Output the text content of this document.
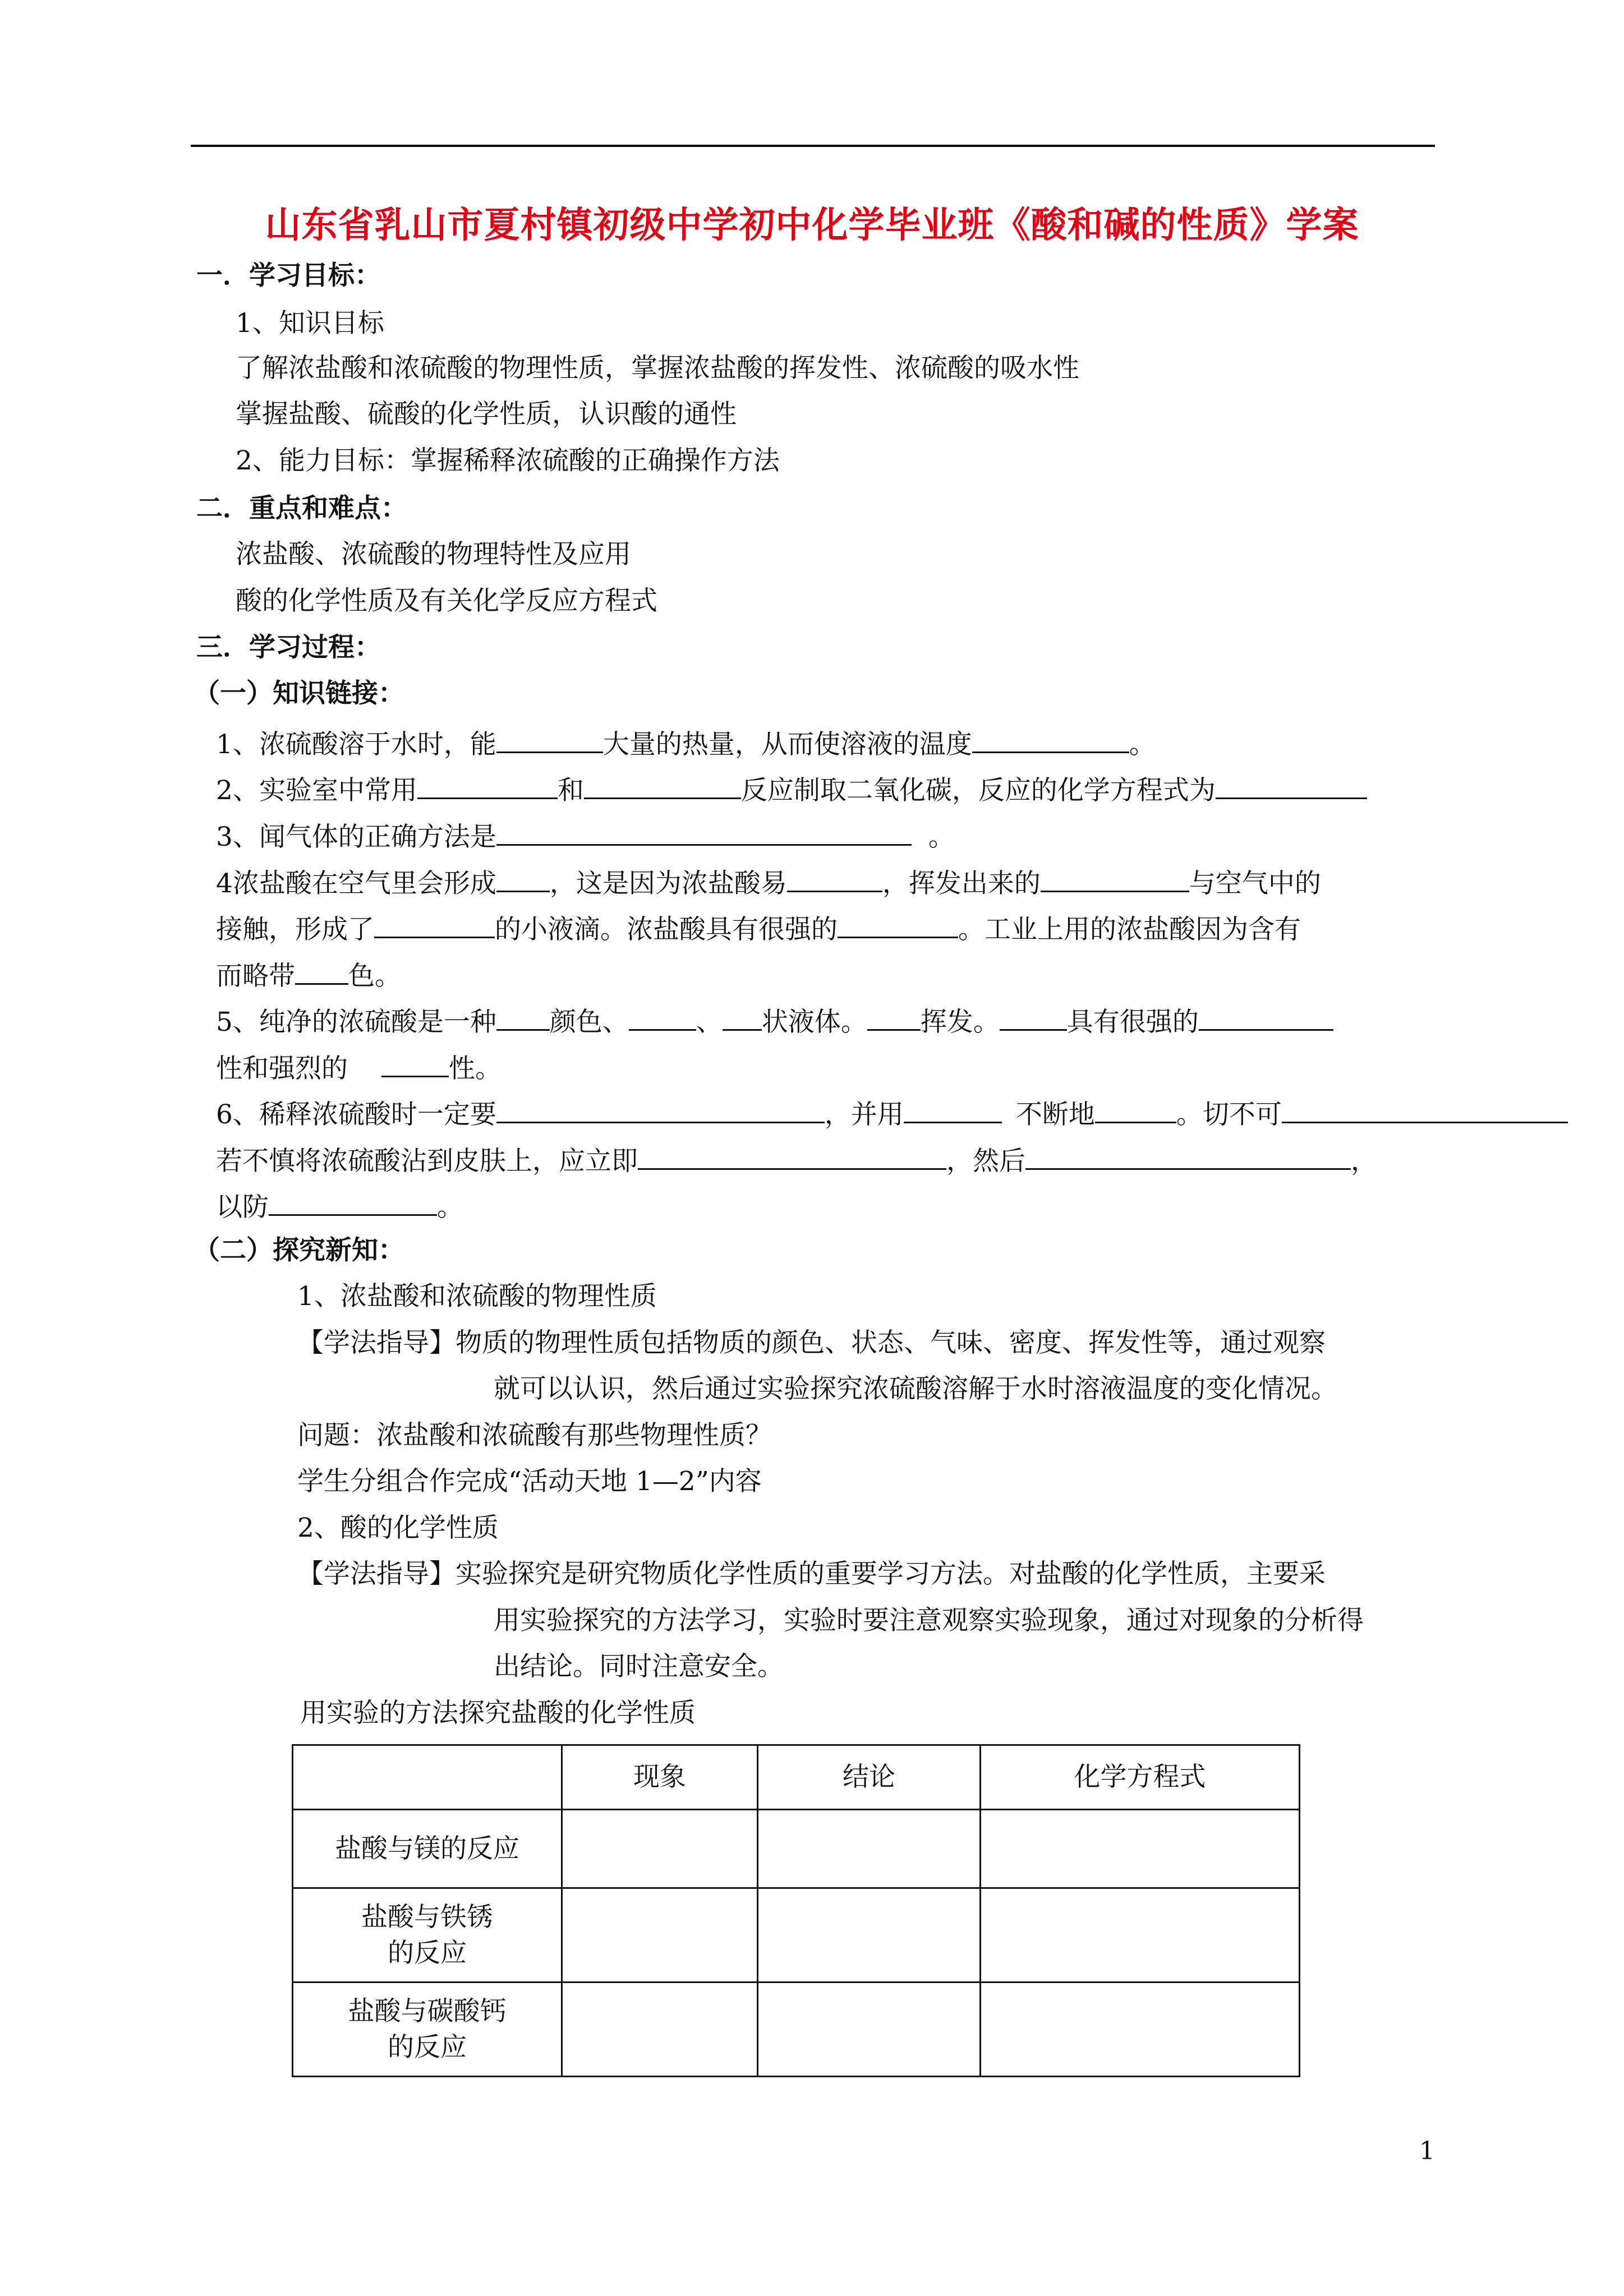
山东省乳山市夏村镇初级中学初中化学毕业班《酸和碱的性质》学案
一．学习目标：
1、知识目标
了解浓盐酸和浓硫酸的物理性质，掌握浓盐酸的挥发性、浓硫酸的吸水性
掌握盐酸、硫酸的化学性质，认识酸的通性
2、能力目标：掌握稀释浓硫酸的正确操作方法
二．重点和难点：
浓盐酸、浓硫酸的物理特性及应用
酸的化学性质及有关化学反应方程式
三．学习过程：
（一）知识链接：
1、浓硫酸溶于水时，能	大量的热量，从而使溶液的温度	。
2、实验室中常用	和	反应制取二氧化碳，反应的化学方程式为
3、闻气体的正确方法是	。
4浓盐酸在空气里会形成 ，这是因为浓盐酸易	，挥发出来的	与空气中的
接触，形成了	的小液滴。浓盐酸具有很强的	。工业上用的浓盐酸因为含有
而略带 色。
5、纯净的浓硫酸是一种 颜色、	、 状液体。 挥发。	具有很强的
性和强烈的	性。
6、稀释浓硫酸时一定要	，并用	不断地	。切不可
若不慎将浓硫酸沾到皮肤上，应立即	，然后	，
以防	。
（二）探究新知：
1、浓盐酸和浓硫酸的物理性质
【学法指导】物质的物理性质包括物质的颜色、状态、气味、密度、挥发性等，通过观察
就可以认识，然后通过实验探究浓硫酸溶解于水时溶液温度的变化情况。
问题：浓盐酸和浓硫酸有那些物理性质？
学生分组合作完成“活动天地 1—2”内容
2、酸的化学性质
【学法指导】实验探究是研究物质化学性质的重要学习方法。对盐酸的化学性质，主要采
用实验探究的方法学习，实验时要注意观察实验现象，通过对现象的分析得
出结论。同时注意安全。
用实验的方法探究盐酸的化学性质
	现象	结论	化学方程式
盐酸与镁的反应			
盐酸与铁锈
的反应			
盐酸与碳酸钙
的反应			
1
